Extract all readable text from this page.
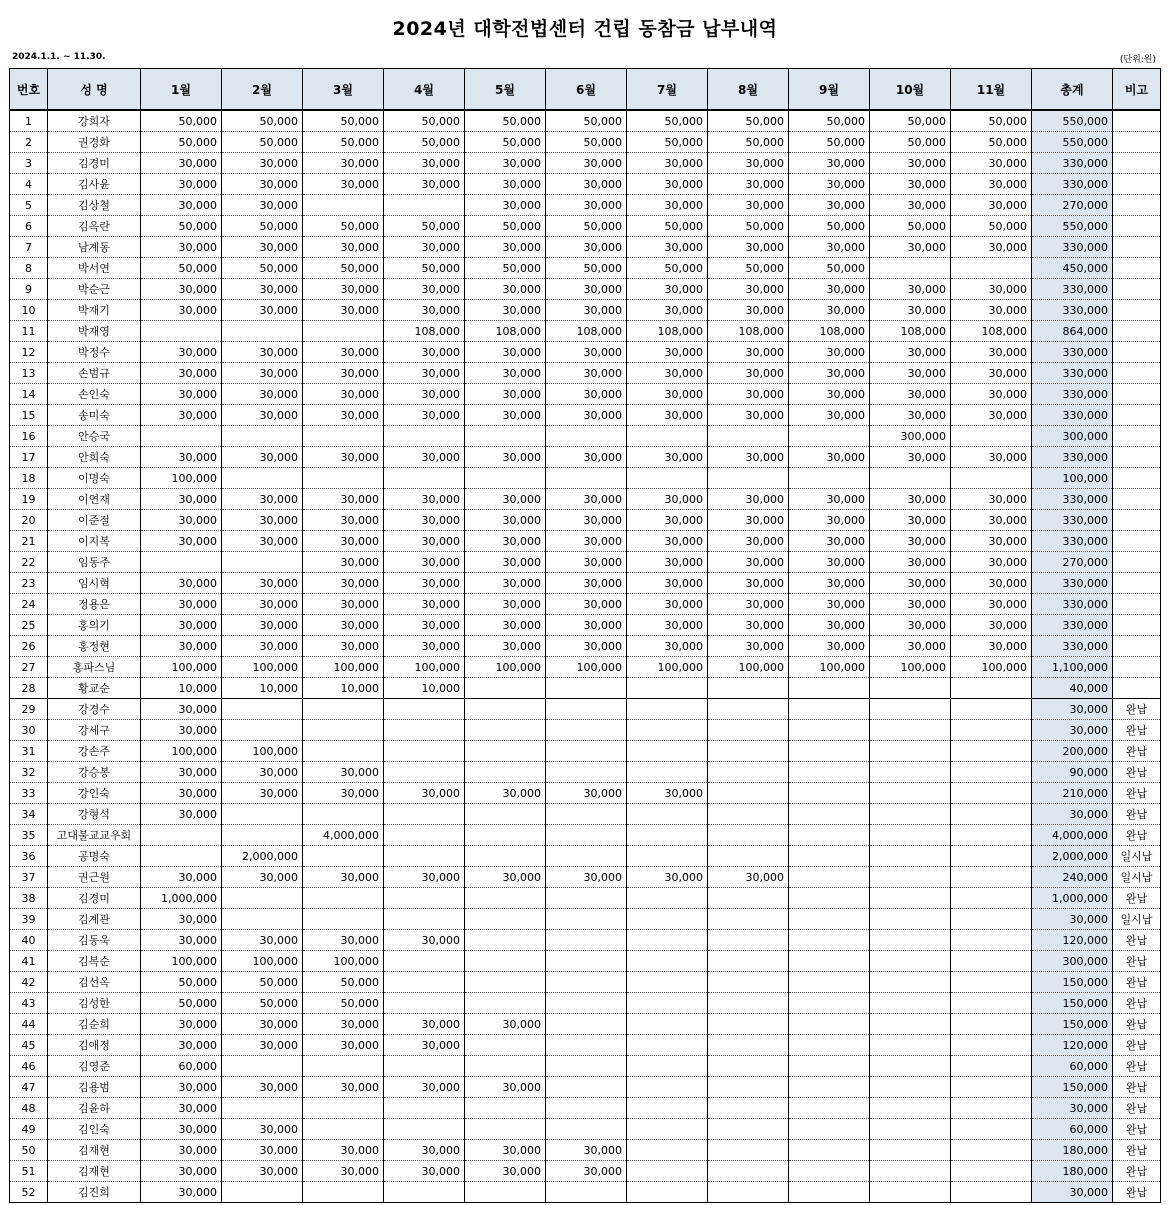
2024년 대학전법센터 건립 동참금 납부내역
2024.1.1. ~ 11.30.	(단위:원)
번호	성 명	1월	2월	3월	4월	5월	6월	7월	8월	9월	10월	11월	총계	비고
1	강희자	50,000	50,000	50,000	50,000	50,000	50,000	50,000	50,000	50,000	50,000	50,000	550,000	
2	권경화	50,000	50,000	50,000	50,000	50,000	50,000	50,000	50,000	50,000	50,000	50,000	550,000	
3	김경미	30,000	30,000	30,000	30,000	30,000	30,000	30,000	30,000	30,000	30,000	30,000	330,000	
4	김사윤	30,000	30,000	30,000	30,000	30,000	30,000	30,000	30,000	30,000	30,000	30,000	330,000	
5	김상철	30,000	30,000			30,000	30,000	30,000	30,000	30,000	30,000	30,000	270,000	
6	김옥란	50,000	50,000	50,000	50,000	50,000	50,000	50,000	50,000	50,000	50,000	50,000	550,000	
7	남계동	30,000	30,000	30,000	30,000	30,000	30,000	30,000	30,000	30,000	30,000	30,000	330,000	
8	박서연	50,000	50,000	50,000	50,000	50,000	50,000	50,000	50,000	50,000			450,000	
9	박순근	30,000	30,000	30,000	30,000	30,000	30,000	30,000	30,000	30,000	30,000	30,000	330,000	
10	박재기	30,000	30,000	30,000	30,000	30,000	30,000	30,000	30,000	30,000	30,000	30,000	330,000	
11	박재영				108,000	108,000	108,000	108,000	108,000	108,000	108,000	108,000	864,000	
12	박정수	30,000	30,000	30,000	30,000	30,000	30,000	30,000	30,000	30,000	30,000	30,000	330,000	
13	손범규	30,000	30,000	30,000	30,000	30,000	30,000	30,000	30,000	30,000	30,000	30,000	330,000	
14	손인숙	30,000	30,000	30,000	30,000	30,000	30,000	30,000	30,000	30,000	30,000	30,000	330,000	
15	송미숙	30,000	30,000	30,000	30,000	30,000	30,000	30,000	30,000	30,000	30,000	30,000	330,000	
16	안승국										300,000		300,000	
17	안희숙	30,000	30,000	30,000	30,000	30,000	30,000	30,000	30,000	30,000	30,000	30,000	330,000	
18	이명숙	100,000											100,000	
19	이연재	30,000	30,000	30,000	30,000	30,000	30,000	30,000	30,000	30,000	30,000	30,000	330,000	
20	이준절	30,000	30,000	30,000	30,000	30,000	30,000	30,000	30,000	30,000	30,000	30,000	330,000	
21	이지복	30,000	30,000	30,000	30,000	30,000	30,000	30,000	30,000	30,000	30,000	30,000	330,000	
22	임동주			30,000	30,000	30,000	30,000	30,000	30,000	30,000	30,000	30,000	270,000	
23	임시혁	30,000	30,000	30,000	30,000	30,000	30,000	30,000	30,000	30,000	30,000	30,000	330,000	
24	정용은	30,000	30,000	30,000	30,000	30,000	30,000	30,000	30,000	30,000	30,000	30,000	330,000	
25	홍의기	30,000	30,000	30,000	30,000	30,000	30,000	30,000	30,000	30,000	30,000	30,000	330,000	
26	홍정현	30,000	30,000	30,000	30,000	30,000	30,000	30,000	30,000	30,000	30,000	30,000	330,000	
27	홍파스님	100,000	100,000	100,000	100,000	100,000	100,000	100,000	100,000	100,000	100,000	100,000	1,100,000	
28	황교순	10,000	10,000	10,000	10,000								40,000	
29	강경수	30,000											30,000	완납
30	강세구	30,000											30,000	완납
31	강손주	100,000	100,000										200,000	완납
32	강승봉	30,000	30,000	30,000									90,000	완납
33	강인숙	30,000	30,000	30,000	30,000	30,000	30,000	30,000					210,000	완납
34	강형석	30,000											30,000	완납
35	고대불교교우회			4,000,000									4,000,000	완납
36	공명숙		2,000,000										2,000,000	일시납
37	권근원	30,000	30,000	30,000	30,000	30,000	30,000	30,000	30,000				240,000	일시납
38	김경미	1,000,000											1,000,000	완납
39	김계관	30,000											30,000	일시납
40	김동욱	30,000	30,000	30,000	30,000								120,000	완납
41	김복순	100,000	100,000	100,000									300,000	완납
42	김선옥	50,000	50,000	50,000									150,000	완납
43	김성한	50,000	50,000	50,000									150,000	완납
44	김순희	30,000	30,000	30,000	30,000	30,000							150,000	완납
45	김애정	30,000	30,000	30,000	30,000								120,000	완납
46	김영준	60,000											60,000	완납
47	김용범	30,000	30,000	30,000	30,000	30,000							150,000	완납
48	김윤하	30,000											30,000	완납
49	김인숙	30,000	30,000										60,000	완납
50	김재현	30,000	30,000	30,000	30,000	30,000	30,000						180,000	완납
51	김재현	30,000	30,000	30,000	30,000	30,000	30,000						180,000	완납
52	김진희	30,000											30,000	완납
